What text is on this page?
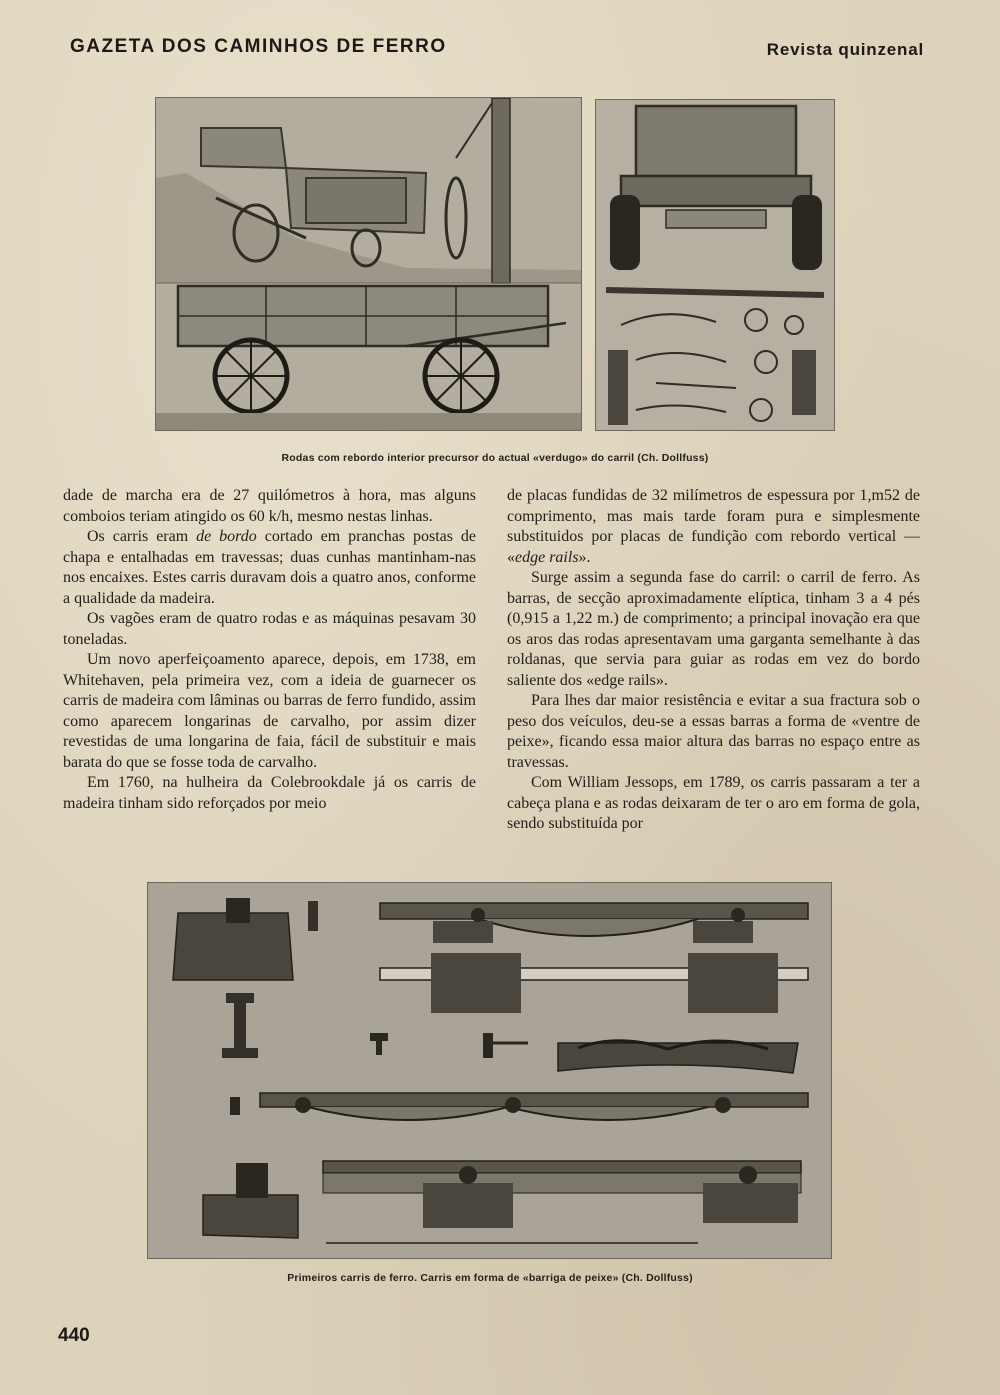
GAZETA DOS CAMINHOS DE FERRO	Revista quinzenal
Rodas com rebordo interior precursor do actual «verdugo» do carril (Ch. Dollfuss)

dade de marcha era de 27 quilómetros à hora, mas alguns comboios teriam atingido os 60 k/h, mesmo nestas linhas.

Os carris eram de bordo cortado em pranchas postas de chapa e entalhadas em travessas; duas cunhas mantinham-nas nos encaixes. Estes carris duravam dois a quatro anos, conforme a qualidade da madeira.

Os vagões eram de quatro rodas e as máquinas pesavam 30 toneladas.

Um novo aperfeiçoamento aparece, depois, em 1738, em Whitehaven, pela primeira vez, com a ideia de guarnecer os carris de madeira com lâminas ou barras de ferro fundido, assim como aparecem longarinas de carvalho, por assim dizer revestidas de uma longarina de faia, fácil de substituir e mais barata do que se fosse toda de carvalho.

Em 1760, na hulheira da Colebrookdale já os carris de madeira tinham sido reforçados por meio

de placas fundidas de 32 milímetros de espessura por 1,m52 de comprimento, mas mais tarde foram pura e simplesmente substituidos por placas de fundição com rebordo vertical — «edge rails».

Surge assim a segunda fase do carril: o carril de ferro. As barras, de secção aproximadamente elíptica, tinham 3 a 4 pés (0,915 a 1,22 m.) de comprimento; a principal inovação era que os aros das rodas apresentavam uma garganta semelhante à das roldanas, que servia para guiar as rodas em vez do bordo saliente dos «edge rails».

Para lhes dar maior resistência e evitar a sua fractura sob o peso dos veículos, deu-se a essas barras a forma de «ventre de peixe», ficando essa maior altura das barras no espaço entre as travessas.

Com William Jessops, em 1789, os carris passaram a ter a cabeça plana e as rodas deixaram de ter o aro em forma de gola, sendo substituída por

Primeiros carris de ferro. Carris em forma de «barriga de peixe» (Ch. Dollfuss)
440
